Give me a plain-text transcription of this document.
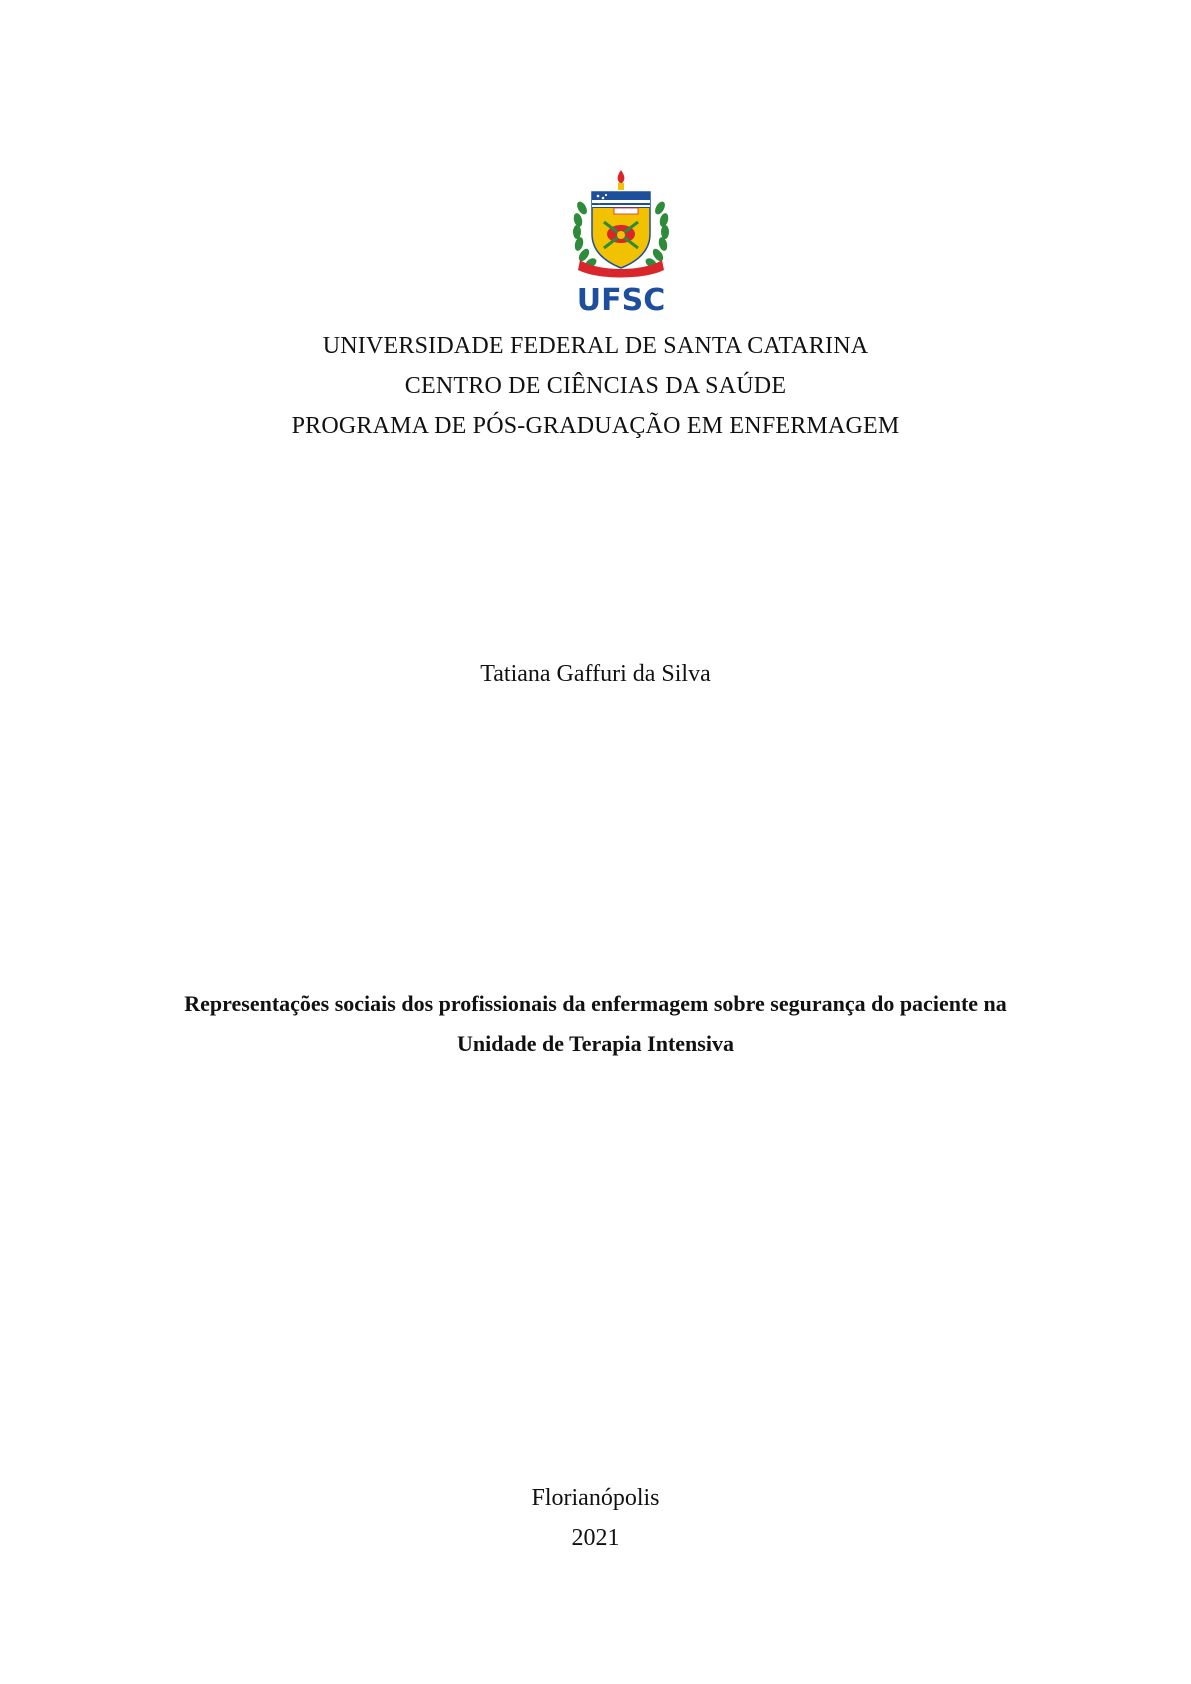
UFSC
UNIVERSIDADE FEDERAL DE SANTA CATARINA
CENTRO DE CIÊNCIAS DA SAÚDE
PROGRAMA DE PÓS-GRADUAÇÃO EM ENFERMAGEM
Tatiana Gaffuri da Silva
Representações sociais dos profissionais da enfermagem sobre segurança do paciente na
Unidade de Terapia Intensiva
Florianópolis
2021
